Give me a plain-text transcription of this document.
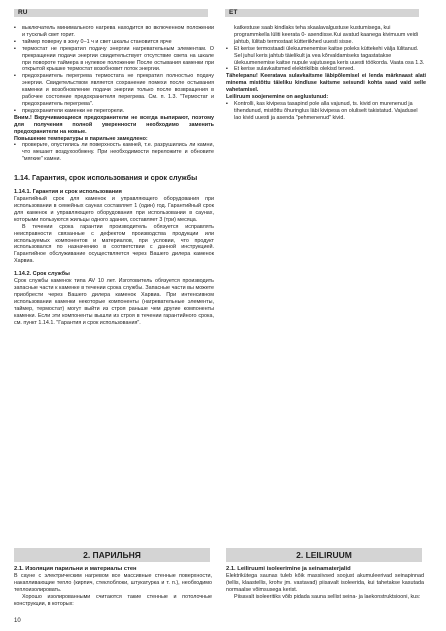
RU	ET
▪ выключатель минимального нагрева находится во включенном положении и тусклый свет горит.
▪ таймер поверну в зону 0−1 ч и свет шкалы становится ярче
▪ термостат не прекратил подачу энергии нагревательным элементам. О прекращении подачи энергии свидетельствует отсутствие света на шкале при повороте таймера в нулевое положение После остывания каменки при открытой крышке термостат возобновит поток энергии.
▪ предохранитель перегрева термостата не прекратил полностью подачу энергии. Свидетельством является сохранение помехи после остывания каменки и возобновление подачи энергии только после возвращения в рабочее состояние предохранителя перегрева. См. п. 1.3. "Термостат и предохранитель перегрева".
▪ предохранители каменки не перегорели.

Вним.! Вкручивающиеся предохранители не всегда выпирают, поэтому для получения полной уверенности необходимо заменить предохранители на новые.

Повышение температуры в парильне замедлено:

▪ проверьте, опустились ли поверхность камней, т.е. разрушились ли камни, что мешает воздухообмену. При необходимости переложите и обновите "мягкие" камни.
1.14. Гарантия, срок использования и срок службы
1.14.1. Гарантия и срок использования

Гарантийный срок для каменок и управляющего оборудования при использовании в семейных саунах составляет 1 (один) год. Гарантийный срок для каменок и управляющего оборудования при использовании в саунах, которыми пользуются жильцы одного здания, составляет 3 (три) месяца.

В течении срока гарантии производитель обязуется исправлять неисправности связанные с дефектом производства продукции или используемых компонентов и материалов, при условии, что продукт использовался по назначению в соответствии с данной инструкцией. Гарантийное обслуживание осуществляется через Вашего дилера каменок Харвиа.

1.14.2. Срок службы

Срок службы каменок типа AV 10 лет. Изготовитель обязуется производить запасные части к каменке в течении срока службы. Запасные части вы можете приобрести через Вашего дилера каменок Харвиа. При интенсивном использовании каменки некоторые компоненты (нагревательные элементы, таймер, термостат) могут выйти из строя раньше чем другие компоненты каменки. Если эти компоненты вышли из строя в течении гарантийного срока, см. пункт 1.14.1. "Гарантия и срок использования".

katkestuse saab kindlaks teha skaalavalgustuse kustumisega, kui programmkella lüliti keerata 0- asendisse.Kui avatud kaanega kivimuum veidi jahtub, lülitab termostaat kütteriikhed uuesti sisse.

▪ Et kerise termostaadi ülekuumenemise kaitse poleks küttekehi välja lülitanud. Sel juhul keris jahtub täielikult ja vea kõrvaldamiseks tagastatakse ülekuumenemise kaitse nupule vajutusega keris uuesti töökorda. Vaata osa 1.3.
▪ Et kerise sulavkaitsmed elektrikilbis olekisd terved.

Tähelepanu! Keeratava sulavkaitsme läbipõlemisel ei lenda märknaast alati minema mistõttu täieliku kindluse kaitsme seisundi kohta saad vaid selle vahetamisel.

Leiliruum soojenemine on aeglustunud:

▪ Kontrolli, kas kivipesa tasapind pole alla vajunud, ts. kivid on murenenud ja tihendunud, mistõttu õhuringlus läbi kivipesa on oluliselt takistatud. Vajadusel lao kivid uuesti ja asenda "pehmenenud" kivid.
2. ПАРИЛЬНЯ	2. LEILIRUUM
2.1. Изоляция парильни и материалы стен

В сауне с электрическим нагревом все массивные стенные поверхности, накапливающие тепло (кирпич, стеклоблоки, штукатурка и т. п.), необходимо теплоизолировать.

Хорошо изолированными считаются такие стенные и потолочные конструкции, в которых:

2.1. Leiliruumi isoleerimine ja seinamaterjalid

Elektrikütega saunas tuleb kõik massiivsed soojust akumuleerivad seinapinnad (tellis, klaastellis, krohv jm. vastavad) piisavalt isoleerida, kui tahetakse kasutada normaalse võimsusega kerist.

Piisavalt isoleeritiks võib pidada sauna sellist seina- ja laekonstruktsiooni, kus:

10
